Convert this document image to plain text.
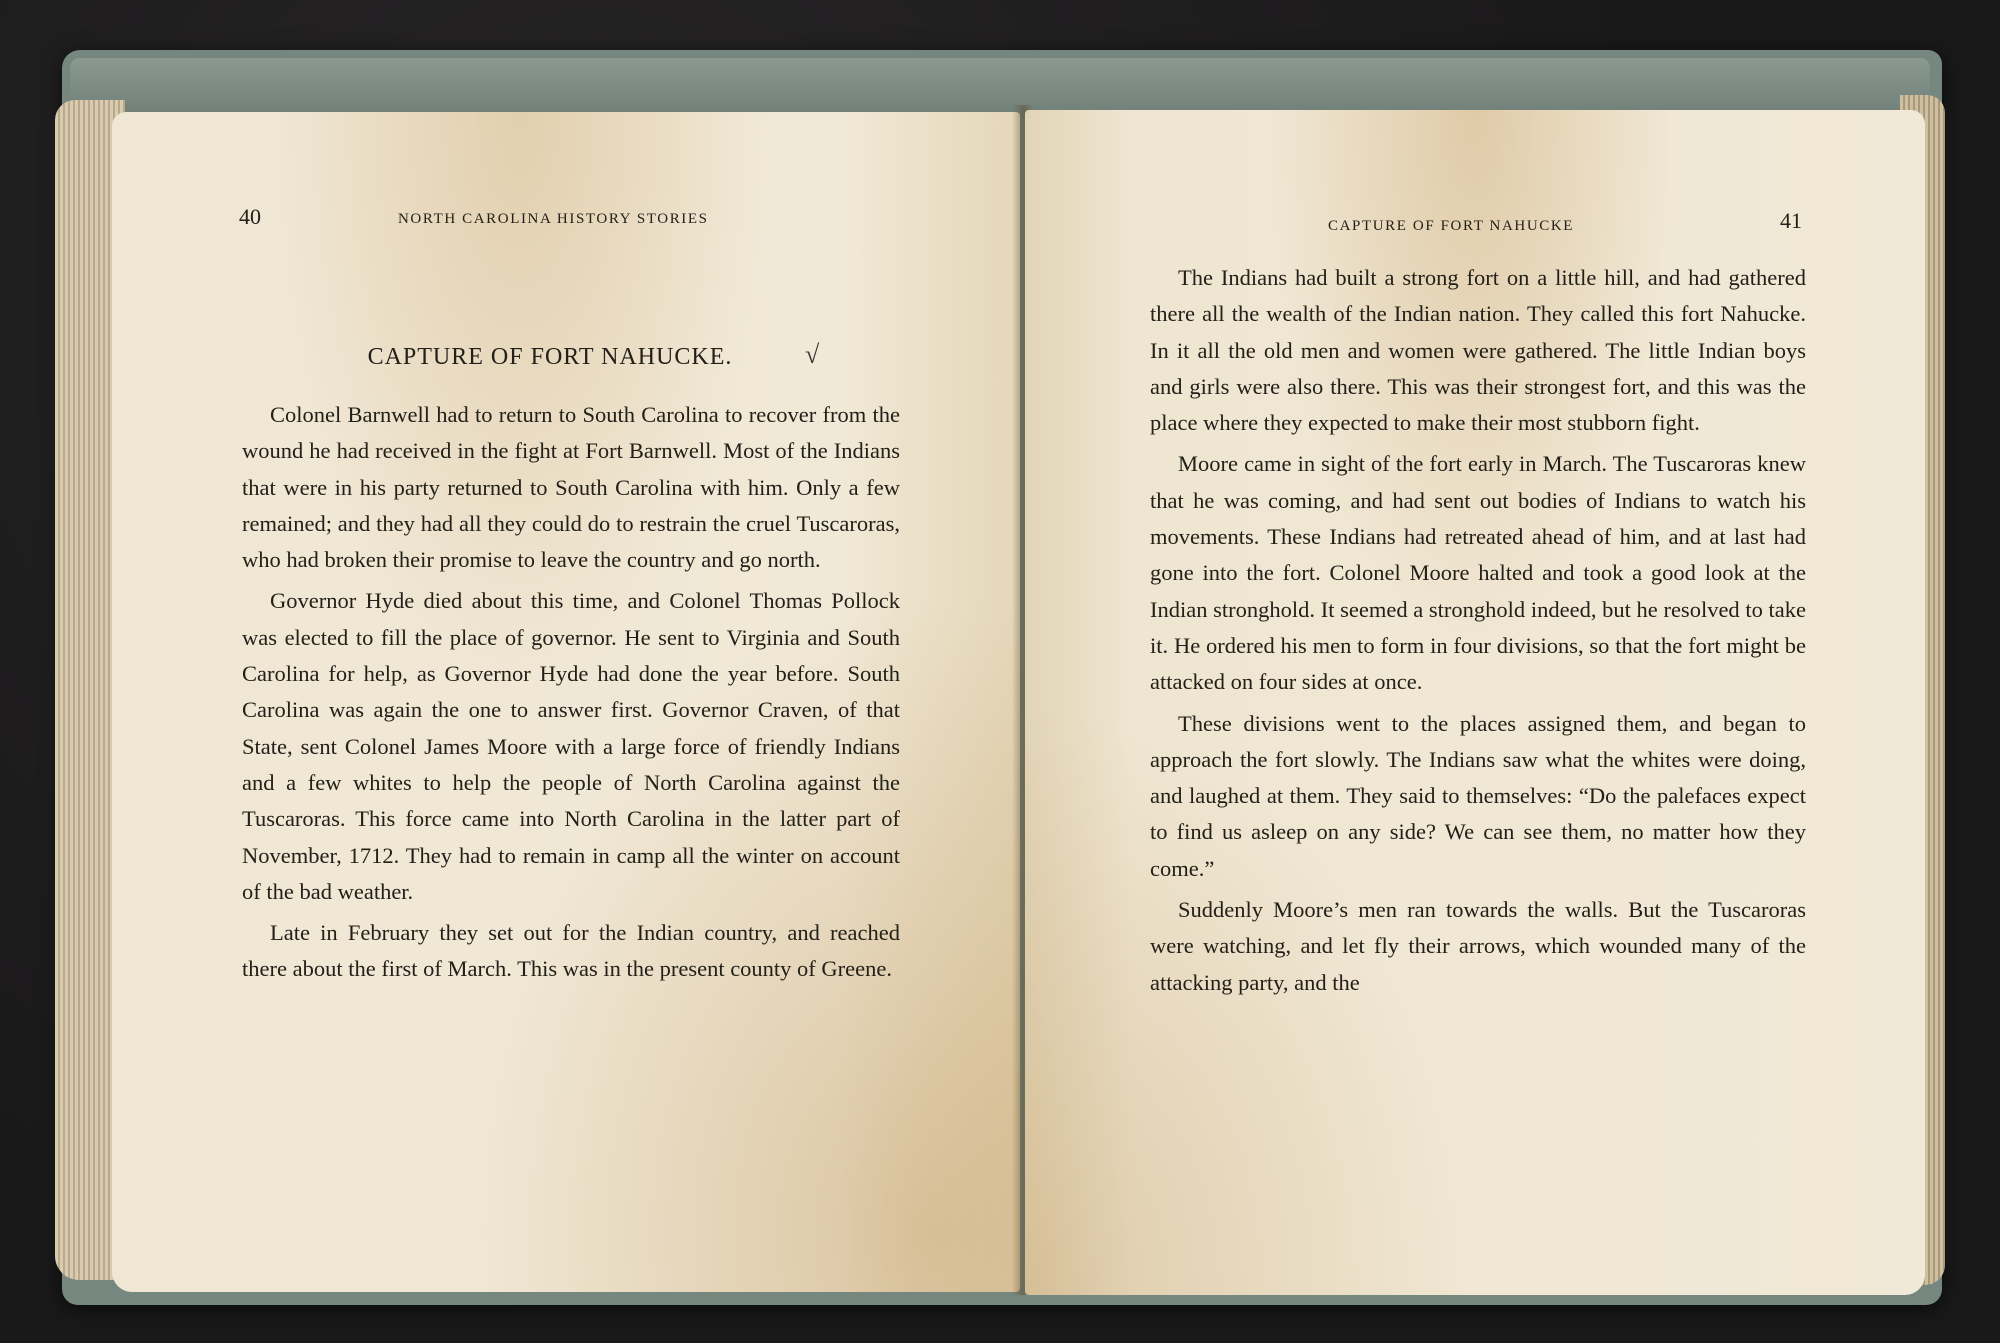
40	NORTH CAROLINA HISTORY STORIES
CAPTURE OF FORT NAHUCKE.	√

Colonel Barnwell had to return to South Carolina to recover from the wound he had received in the fight at Fort Barnwell. Most of the Indians that were in his party returned to South Carolina with him. Only a few remained; and they had all they could do to restrain the cruel Tuscaroras, who had broken their promise to leave the country and go north.

Governor Hyde died about this time, and Colonel Thomas Pollock was elected to fill the place of governor. He sent to Virginia and South Carolina for help, as Governor Hyde had done the year before. South Carolina was again the one to answer first. Governor Craven, of that State, sent Colonel James Moore with a large force of friendly Indians and a few whites to help the people of North Carolina against the Tuscaroras. This force came into North Carolina in the latter part of November, 1712. They had to remain in camp all the winter on account of the bad weather.

Late in February they set out for the Indian country, and reached there about the first of March. This was in the present county of Greene.

CAPTURE OF FORT NAHUCKE	41

The Indians had built a strong fort on a little hill, and had gathered there all the wealth of the Indian nation. They called this fort Nahucke. In it all the old men and women were gathered. The little Indian boys and girls were also there. This was their strongest fort, and this was the place where they expected to make their most stubborn fight.

Moore came in sight of the fort early in March. The Tuscaroras knew that he was coming, and had sent out bodies of Indians to watch his movements. These Indians had retreated ahead of him, and at last had gone into the fort. Colonel Moore halted and took a good look at the Indian stronghold. It seemed a stronghold indeed, but he resolved to take it. He ordered his men to form in four divisions, so that the fort might be attacked on four sides at once.

These divisions went to the places assigned them, and began to approach the fort slowly. The Indians saw what the whites were doing, and laughed at them. They said to themselves: “Do the palefaces expect to find us asleep on any side? We can see them, no matter how they come.”

Suddenly Moore’s men ran towards the walls. But the Tuscaroras were watching, and let fly their arrows, which wounded many of the attacking party, and the
